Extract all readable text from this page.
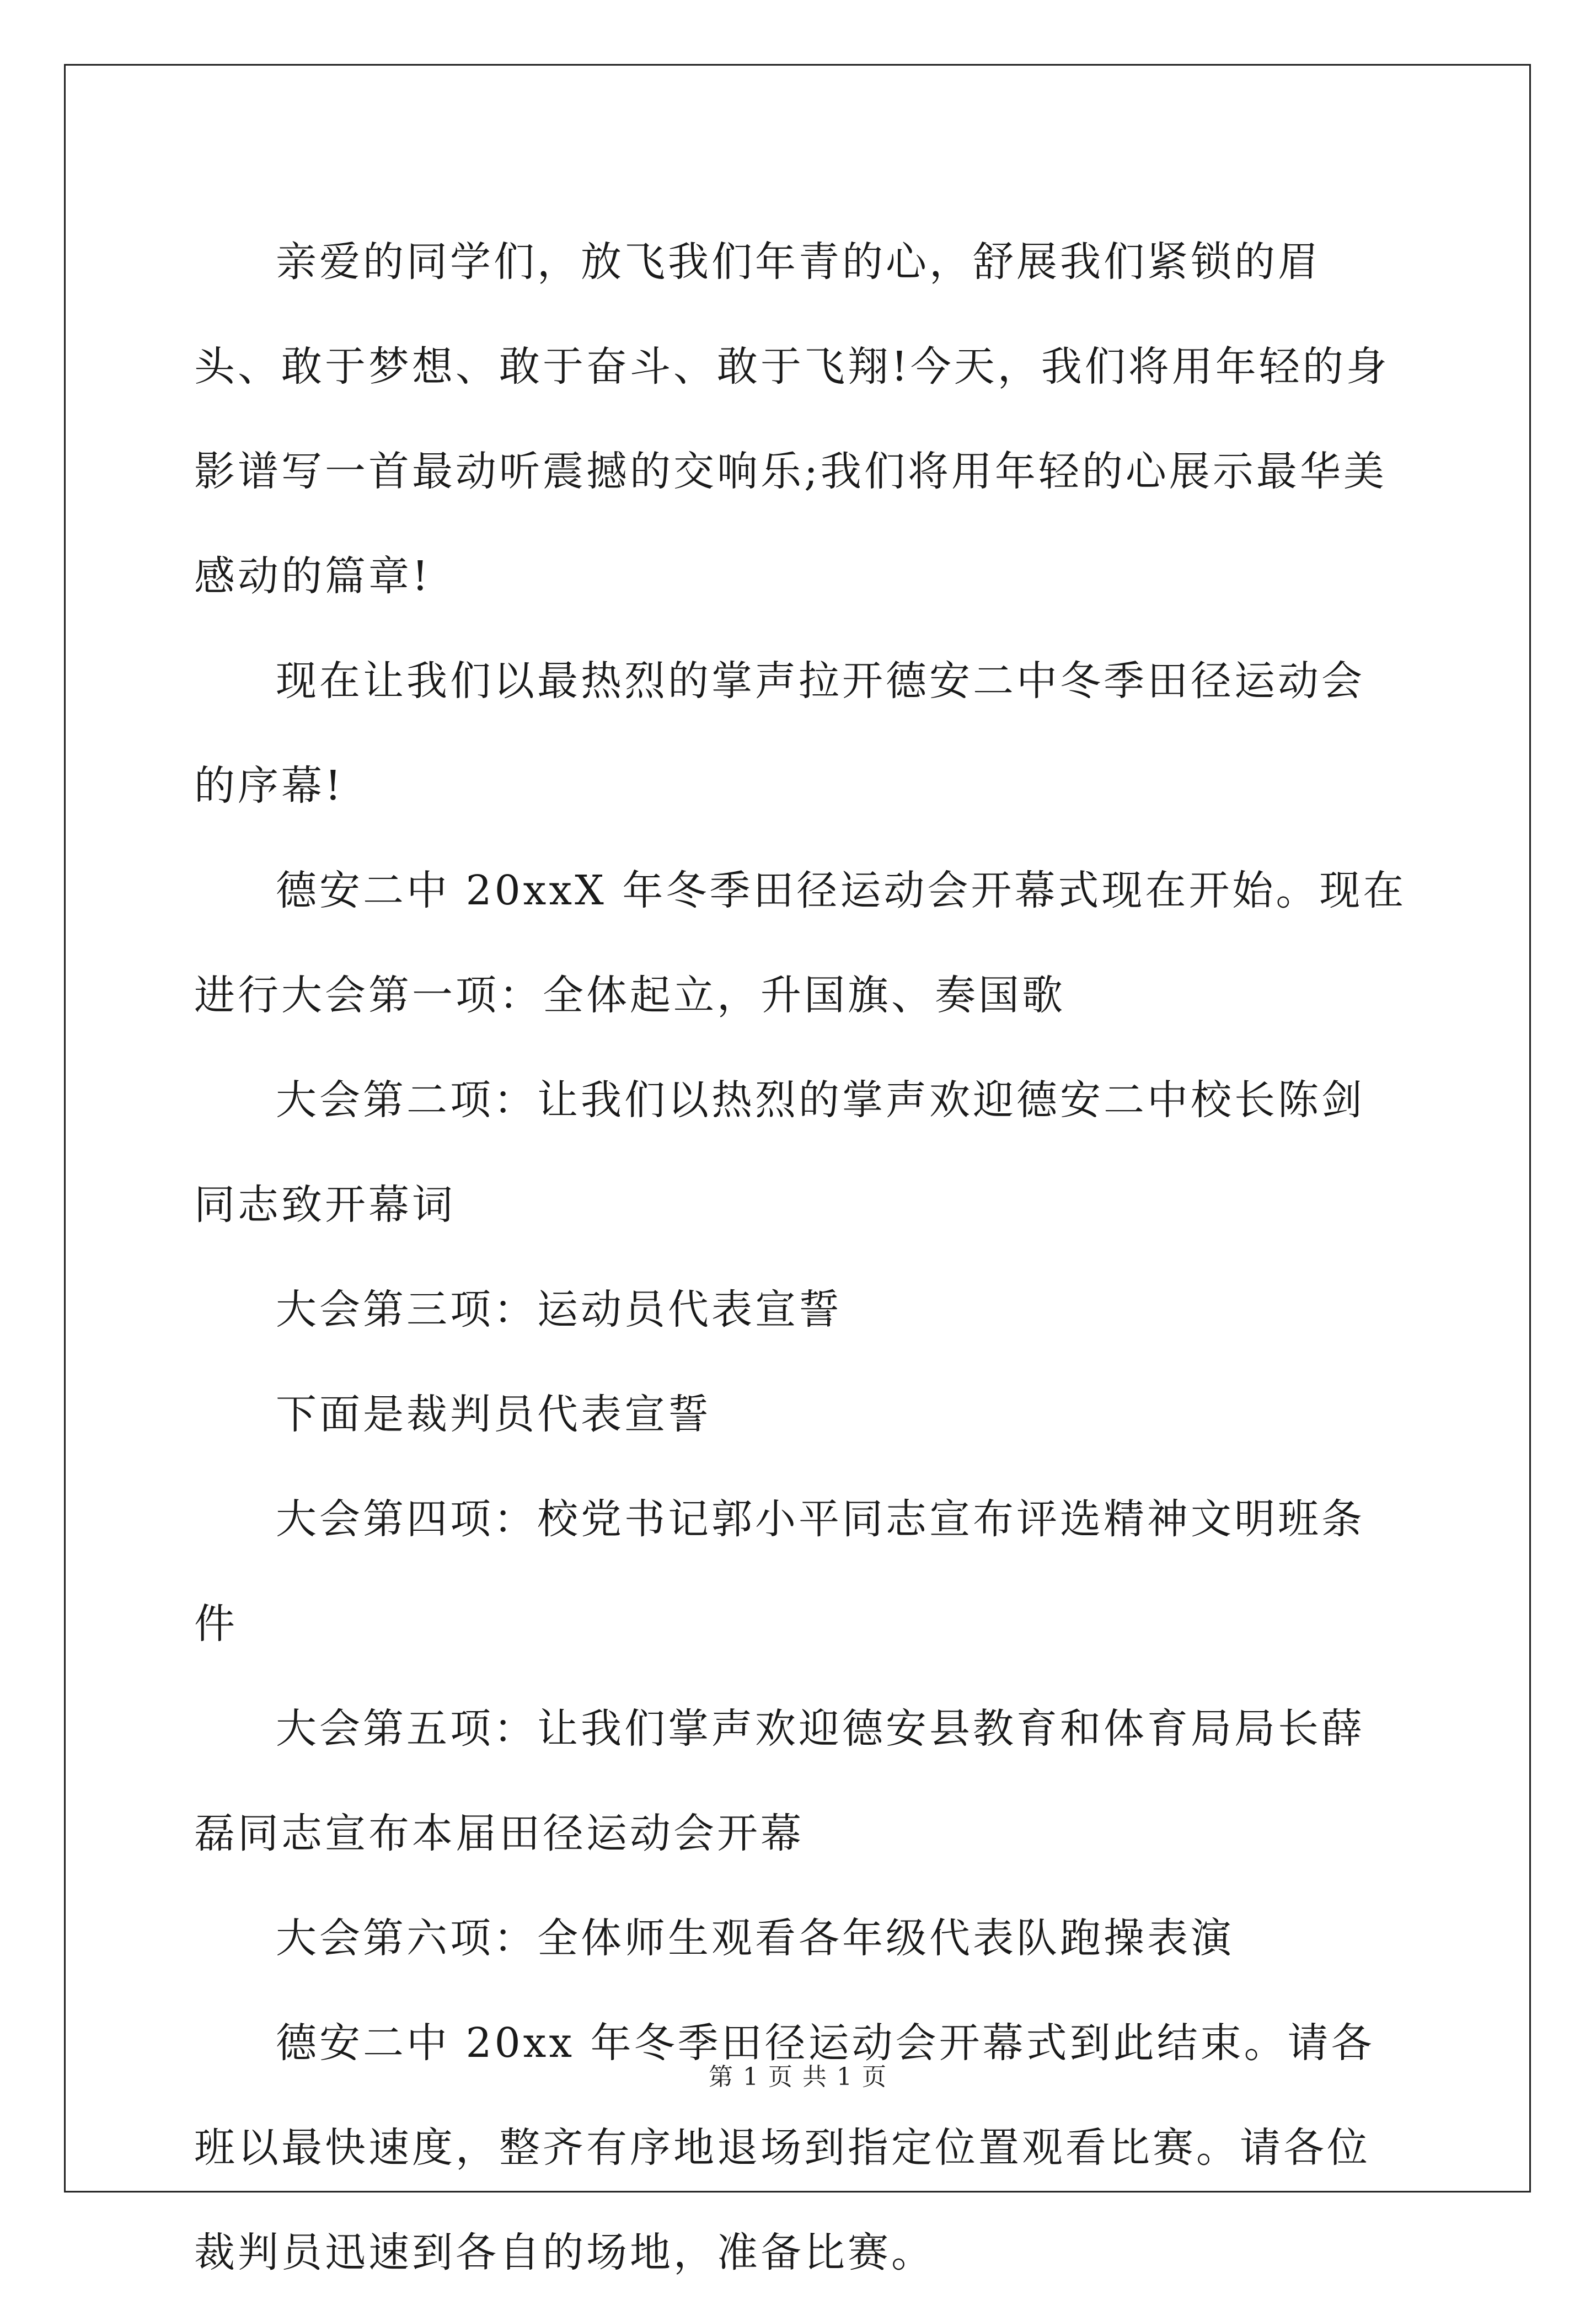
亲爱的同学们，放飞我们年青的心，舒展我们紧锁的眉头、敢于梦想、敢于奋斗、敢于飞翔!今天，我们将用年轻的身影谱写一首最动听震撼的交响乐;我们将用年轻的心展示最华美感动的篇章!

现在让我们以最热烈的掌声拉开德安二中冬季田径运动会的序幕!

德安二中 20xxX 年冬季田径运动会开幕式现在开始。现在进行大会第一项：全体起立，升国旗、奏国歌

大会第二项：让我们以热烈的掌声欢迎德安二中校长陈剑同志致开幕词

大会第三项：运动员代表宣誓

下面是裁判员代表宣誓

大会第四项：校党书记郭小平同志宣布评选精神文明班条件

大会第五项：让我们掌声欢迎德安县教育和体育局局长薛磊同志宣布本届田径运动会开幕

大会第六项：全体师生观看各年级代表队跑操表演

德安二中 20xx 年冬季田径运动会开幕式到此结束。请各班以最快速度，整齐有序地退场到指定位置观看比赛。请各位裁判员迅速到各自的场地，准备比赛。

第 1 页 共 1 页
